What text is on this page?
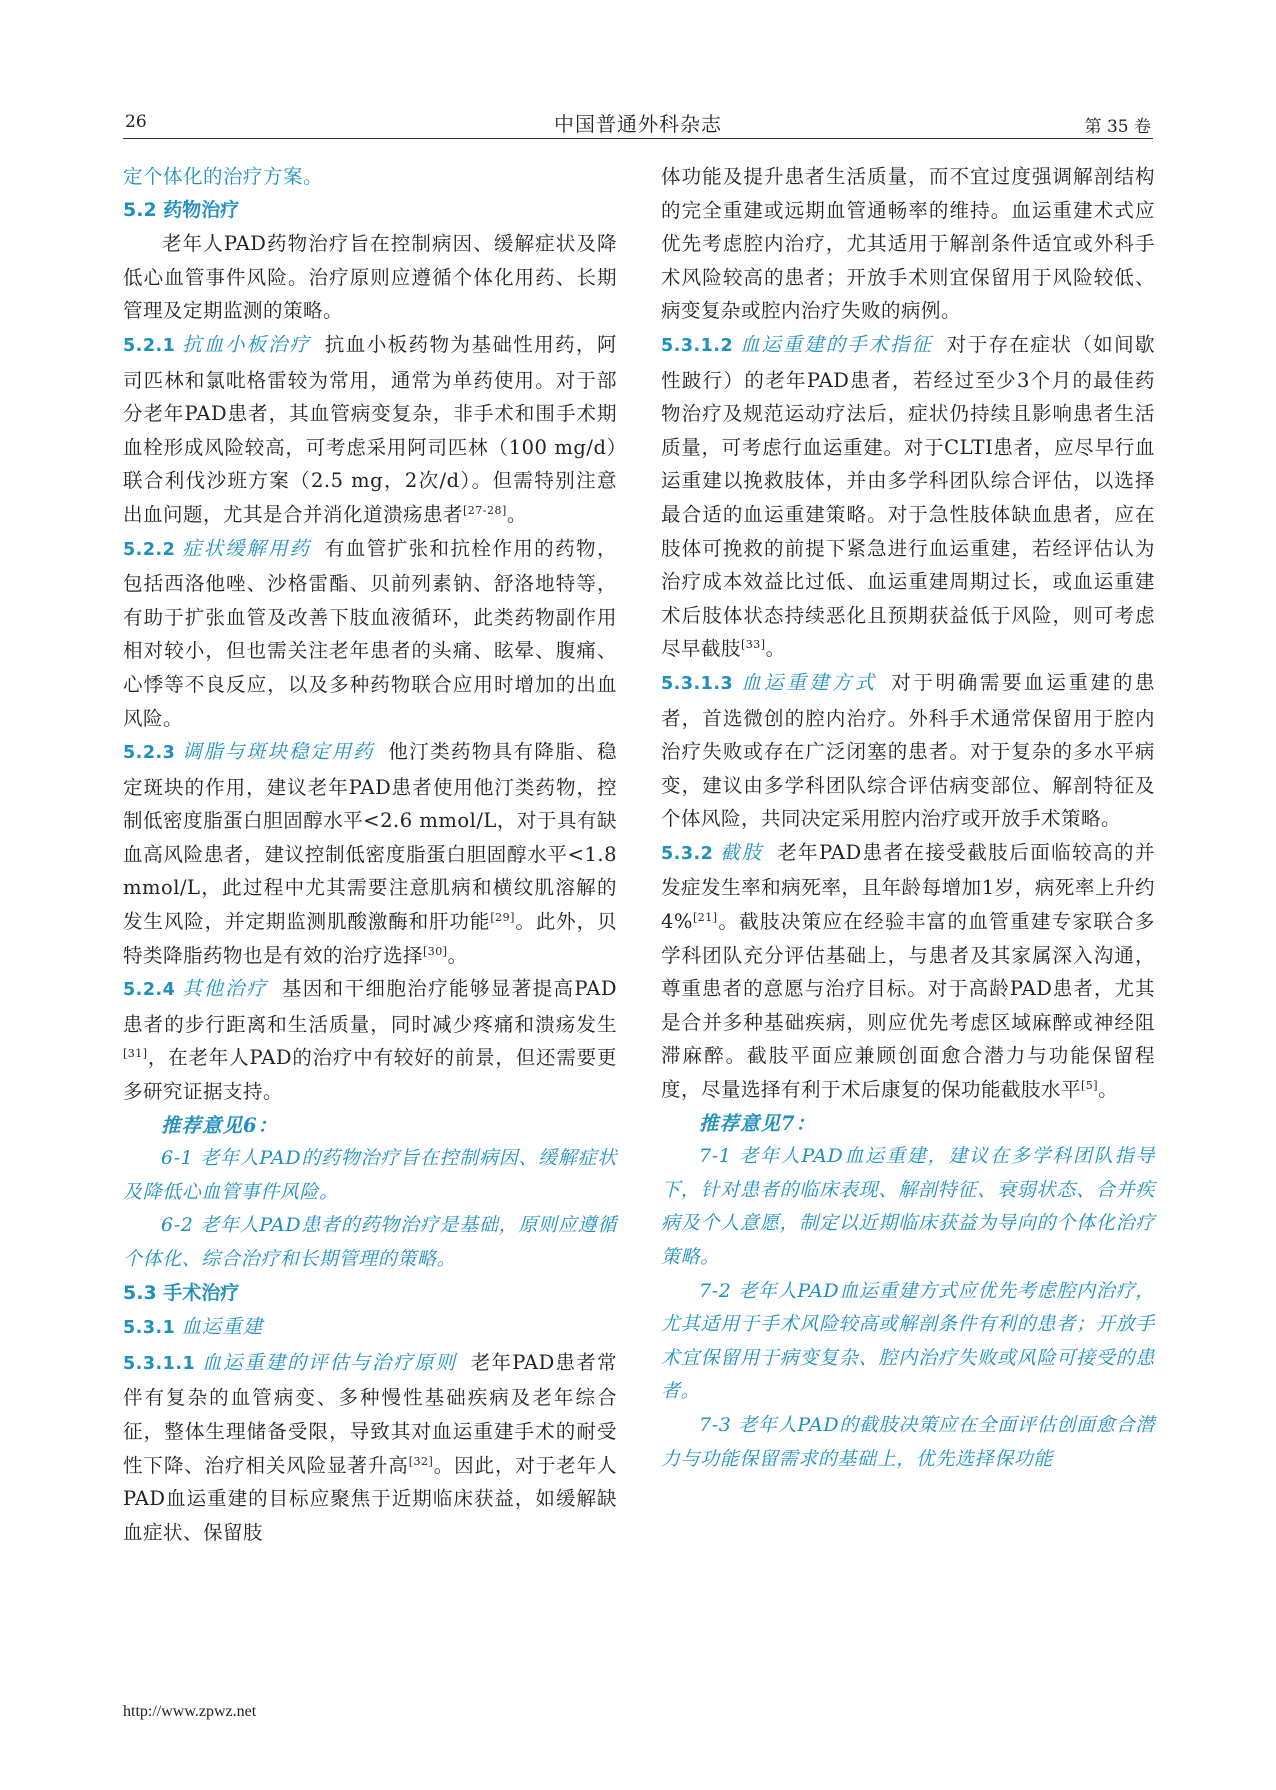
26	中国普通外科杂志	第 35 卷

定个体化的治疗方案。

5.2 药物治疗

老年人PAD药物治疗旨在控制病因、缓解症状及降低心血管事件风险。治疗原则应遵循个体化用药、长期管理及定期监测的策略。

5.2.1 抗血小板治疗 抗血小板药物为基础性用药，阿司匹林和氯吡格雷较为常用，通常为单药使用。对于部分老年PAD患者，其血管病变复杂，非手术和围手术期血栓形成风险较高，可考虑采用阿司匹林（100 mg/d）联合利伐沙班方案（2.5 mg，2次/d）。但需特别注意出血问题，尤其是合并消化道溃疡患者[27-28]。

5.2.2 症状缓解用药 有血管扩张和抗栓作用的药物，包括西洛他唑、沙格雷酯、贝前列素钠、舒洛地特等，有助于扩张血管及改善下肢血液循环，此类药物副作用相对较小，但也需关注老年患者的头痛、眩晕、腹痛、心悸等不良反应，以及多种药物联合应用时增加的出血风险。

5.2.3 调脂与斑块稳定用药 他汀类药物具有降脂、稳定斑块的作用，建议老年PAD患者使用他汀类药物，控制低密度脂蛋白胆固醇水平<2.6 mmol/L，对于具有缺血高风险患者，建议控制低密度脂蛋白胆固醇水平<1.8 mmol/L，此过程中尤其需要注意肌病和横纹肌溶解的发生风险，并定期监测肌酸激酶和肝功能[29]。此外，贝特类降脂药物也是有效的治疗选择[30]。

5.2.4 其他治疗 基因和干细胞治疗能够显著提高PAD患者的步行距离和生活质量，同时减少疼痛和溃疡发生[31]，在老年人PAD的治疗中有较好的前景，但还需要更多研究证据支持。

推荐意见6：

6-1 老年人PAD的药物治疗旨在控制病因、缓解症状及降低心血管事件风险。

6-2 老年人PAD患者的药物治疗是基础，原则应遵循个体化、综合治疗和长期管理的策略。

5.3 手术治疗

5.3.1 血运重建

5.3.1.1 血运重建的评估与治疗原则 老年PAD患者常伴有复杂的血管病变、多种慢性基础疾病及老年综合征，整体生理储备受限，导致其对血运重建手术的耐受性下降、治疗相关风险显著升高[32]。因此，对于老年人PAD血运重建的目标应聚焦于近期临床获益，如缓解缺血症状、保留肢

体功能及提升患者生活质量，而不宜过度强调解剖结构的完全重建或远期血管通畅率的维持。血运重建术式应优先考虑腔内治疗，尤其适用于解剖条件适宜或外科手术风险较高的患者；开放手术则宜保留用于风险较低、病变复杂或腔内治疗失败的病例。

5.3.1.2 血运重建的手术指征 对于存在症状（如间歇性跛行）的老年PAD患者，若经过至少3个月的最佳药物治疗及规范运动疗法后，症状仍持续且影响患者生活质量，可考虑行血运重建。对于CLTI患者，应尽早行血运重建以挽救肢体，并由多学科团队综合评估，以选择最合适的血运重建策略。对于急性肢体缺血患者，应在肢体可挽救的前提下紧急进行血运重建，若经评估认为治疗成本效益比过低、血运重建周期过长，或血运重建术后肢体状态持续恶化且预期获益低于风险，则可考虑尽早截肢[33]。

5.3.1.3 血运重建方式 对于明确需要血运重建的患者，首选微创的腔内治疗。外科手术通常保留用于腔内治疗失败或存在广泛闭塞的患者。对于复杂的多水平病变，建议由多学科团队综合评估病变部位、解剖特征及个体风险，共同决定采用腔内治疗或开放手术策略。

5.3.2 截肢 老年PAD患者在接受截肢后面临较高的并发症发生率和病死率，且年龄每增加1岁，病死率上升约4%[21]。截肢决策应在经验丰富的血管重建专家联合多学科团队充分评估基础上，与患者及其家属深入沟通，尊重患者的意愿与治疗目标。对于高龄PAD患者，尤其是合并多种基础疾病，则应优先考虑区域麻醉或神经阻滞麻醉。截肢平面应兼顾创面愈合潜力与功能保留程度，尽量选择有利于术后康复的保功能截肢水平[5]。

推荐意见7：

7-1 老年人PAD血运重建，建议在多学科团队指导下，针对患者的临床表现、解剖特征、衰弱状态、合并疾病及个人意愿，制定以近期临床获益为导向的个体化治疗策略。

7-2 老年人PAD血运重建方式应优先考虑腔内治疗，尤其适用于手术风险较高或解剖条件有利的患者；开放手术宜保留用于病变复杂、腔内治疗失败或风险可接受的患者。

7-3 老年人PAD的截肢决策应在全面评估创面愈合潜力与功能保留需求的基础上，优先选择保功能

http://www.zpwz.net
